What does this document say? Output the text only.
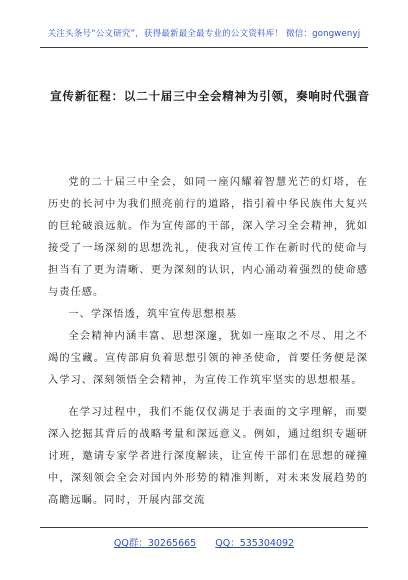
关注头条号“公文研究”，获得最新最全最专业的公文资料库！ 微信：gongwenyj
宣传新征程：以二十届三中全会精神为引领，奏响时代强音

党的二十届三中全会，如同一座闪耀着智慧光芒的灯塔，在历史的长河中为我们照亮前行的道路，指引着中华民族伟大复兴的巨轮破浪远航。作为宣传部的干部，深入学习全会精神，犹如接受了一场深刻的思想洗礼，使我对宣传工作在新时代的使命与担当有了更为清晰、更为深刻的认识，内心涌动着强烈的使命感与责任感。

一、学深悟透，筑牢宣传思想根基

全会精神内涵丰富、思想深邃，犹如一座取之不尽、用之不竭的宝藏。宣传部肩负着思想引领的神圣使命，首要任务便是深入学习、深刻领悟全会精神，为宣传工作筑牢坚实的思想根基。

在学习过程中，我们不能仅仅满足于表面的文字理解，而要深入挖掘其背后的战略考量和深远意义。例如，通过组织专题研讨班，邀请专家学者进行深度解读，让宣传干部们在思想的碰撞中，深刻领会全会对国内外形势的精准判断，对未来发展趋势的高瞻远瞩。同时，开展内部交流

QQ群：30265665 QQ：535304092
